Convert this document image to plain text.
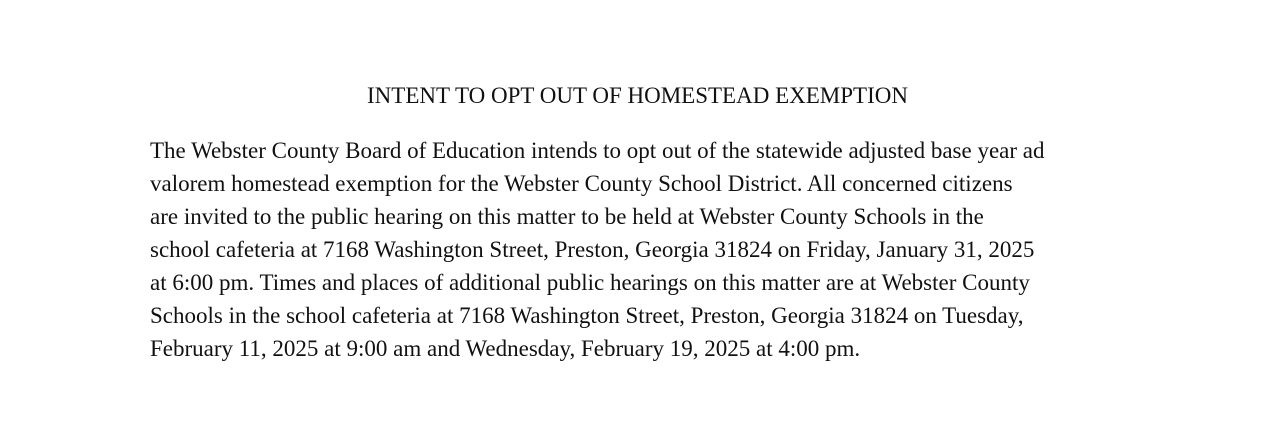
INTENT TO OPT OUT OF HOMESTEAD EXEMPTION

The Webster County Board of Education intends to opt out of the statewide adjusted base year ad
valorem homestead exemption for the Webster County School District. All concerned citizens
are invited to the public hearing on this matter to be held at Webster County Schools in the
school cafeteria at 7168 Washington Street, Preston, Georgia 31824 on Friday, January 31, 2025
at 6:00 pm. Times and places of additional public hearings on this matter are at Webster County
Schools in the school cafeteria at 7168 Washington Street, Preston, Georgia 31824 on Tuesday,
February 11, 2025 at 9:00 am and Wednesday, February 19, 2025 at 4:00 pm.
